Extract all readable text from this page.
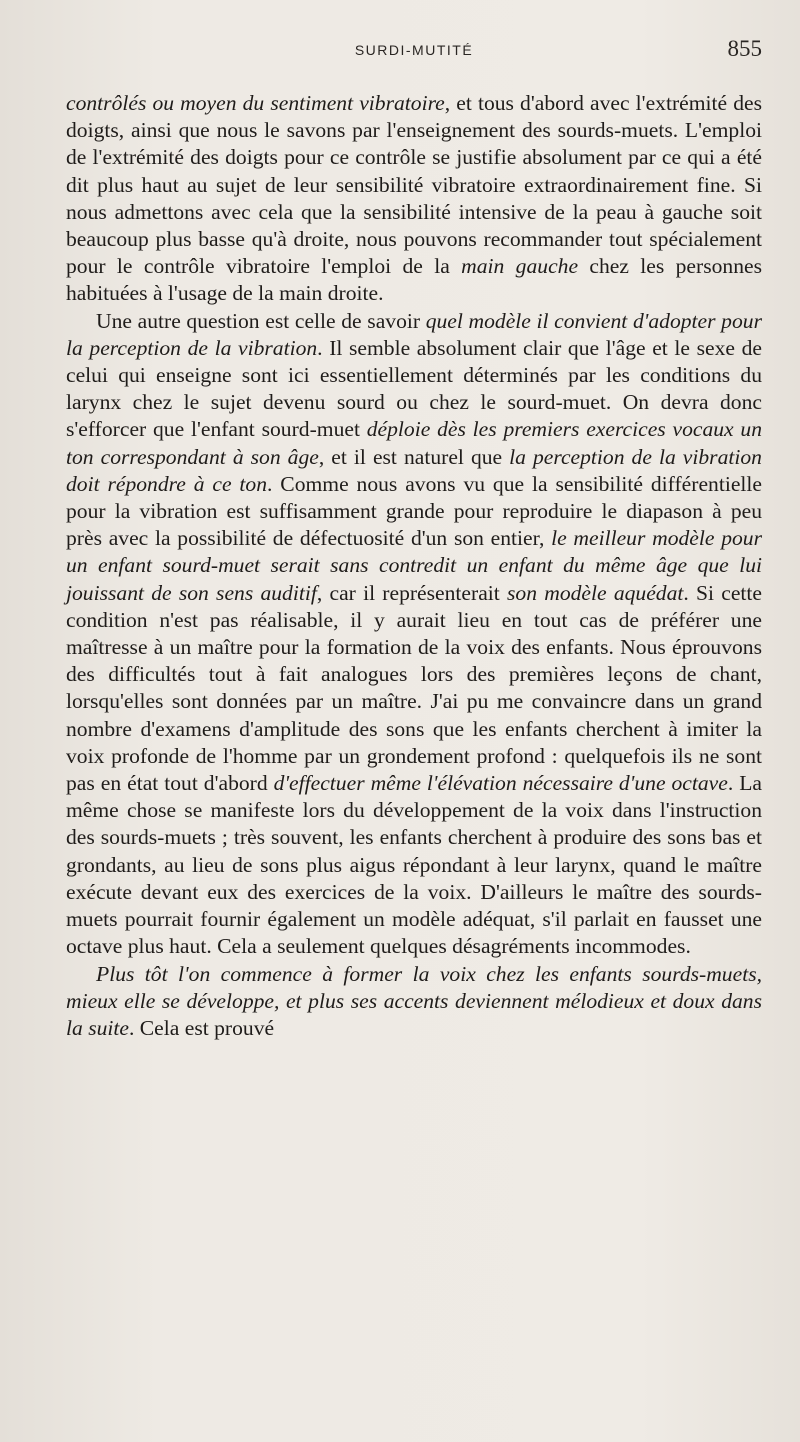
SURDI-MUTITÉ	855

contrôlés ou moyen du sentiment vibratoire, et tous d'abord avec l'extrémité des doigts, ainsi que nous le savons par l'enseignement des sourds-muets. L'emploi de l'extrémité des doigts pour ce contrôle se justifie absolument par ce qui a été dit plus haut au sujet de leur sensibilité vibratoire extraordinairement fine. Si nous admettons avec cela que la sensibilité intensive de la peau à gauche soit beaucoup plus basse qu'à droite, nous pouvons recommander tout spécialement pour le contrôle vibratoire l'emploi de la main gauche chez les personnes habituées à l'usage de la main droite.

Une autre question est celle de savoir quel modèle il convient d'adopter pour la perception de la vibration. Il semble absolument clair que l'âge et le sexe de celui qui enseigne sont ici essentiellement déterminés par les conditions du larynx chez le sujet devenu sourd ou chez le sourd-muet. On devra donc s'efforcer que l'enfant sourd-muet déploie dès les premiers exercices vocaux un ton correspondant à son âge, et il est naturel que la perception de la vibration doit répondre à ce ton. Comme nous avons vu que la sensibilité différentielle pour la vibration est suffisamment grande pour reproduire le diapason à peu près avec la possibilité de défectuosité d'un son entier, le meilleur modèle pour un enfant sourd-muet serait sans contredit un enfant du même âge que lui jouissant de son sens auditif, car il représenterait son modèle aquédat. Si cette condition n'est pas réalisable, il y aurait lieu en tout cas de préférer une maîtresse à un maître pour la formation de la voix des enfants. Nous éprouvons des difficultés tout à fait analogues lors des premières leçons de chant, lorsqu'elles sont données par un maître. J'ai pu me convaincre dans un grand nombre d'examens d'amplitude des sons que les enfants cherchent à imiter la voix profonde de l'homme par un grondement profond : quelquefois ils ne sont pas en état tout d'abord d'effectuer même l'élévation nécessaire d'une octave. La même chose se manifeste lors du développement de la voix dans l'instruction des sourds-muets ; très souvent, les enfants cherchent à produire des sons bas et grondants, au lieu de sons plus aigus répondant à leur larynx, quand le maître exécute devant eux des exercices de la voix. D'ailleurs le maître des sourds-muets pourrait fournir également un modèle adéquat, s'il parlait en fausset une octave plus haut. Cela a seulement quelques désagréments incommodes.

Plus tôt l'on commence à former la voix chez les enfants sourds-muets, mieux elle se développe, et plus ses accents deviennent mélodieux et doux dans la suite. Cela est prouvé
